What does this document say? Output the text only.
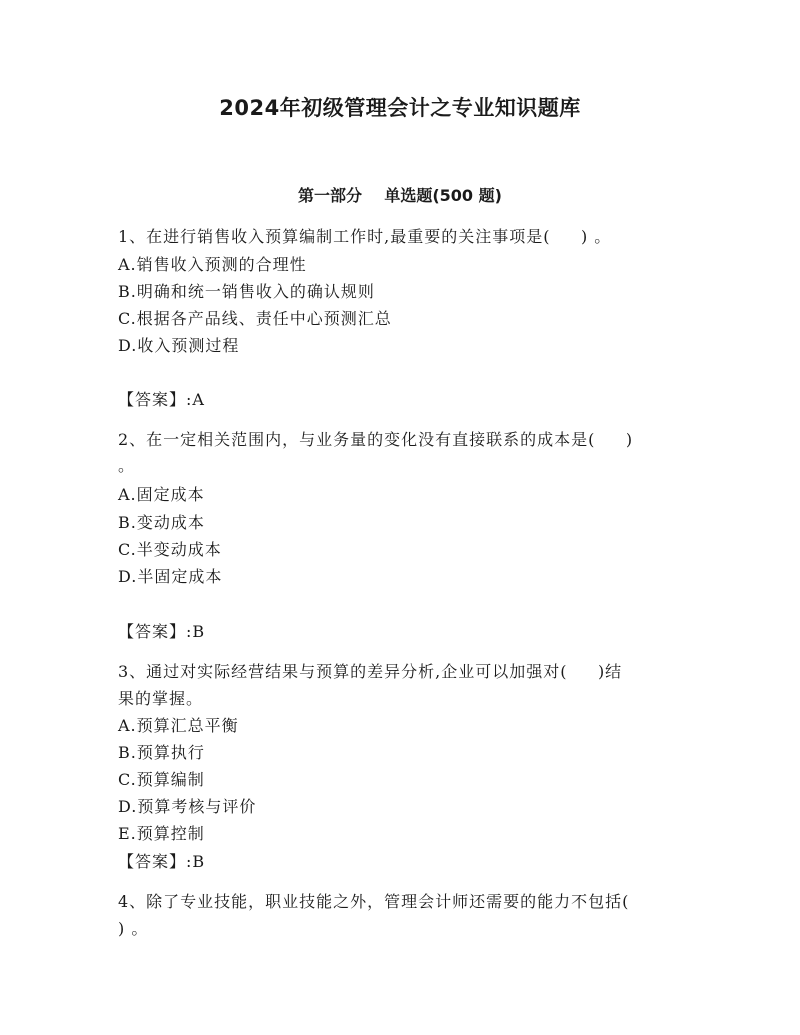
2024年初级管理会计之专业知识题库
第一部分    单选题(500 题)
1、在进行销售收入预算编制工作时,最重要的关注事项是(     ) 。
A.销售收入预测的合理性
B.明确和统一销售收入的确认规则
C.根据各产品线、责任中心预测汇总
D.收入预测过程
【答案】:A
2、在一定相关范围内，与业务量的变化没有直接联系的成本是(     )
。
A.固定成本
B.变动成本
C.半变动成本
D.半固定成本
【答案】:B
3、通过对实际经营结果与预算的差异分析,企业可以加强对(     )结
果的掌握。
A.预算汇总平衡
B.预算执行
C.预算编制
D.预算考核与评价
E.预算控制
【答案】:B
4、除了专业技能，职业技能之外，管理会计师还需要的能力不包括(
) 。
